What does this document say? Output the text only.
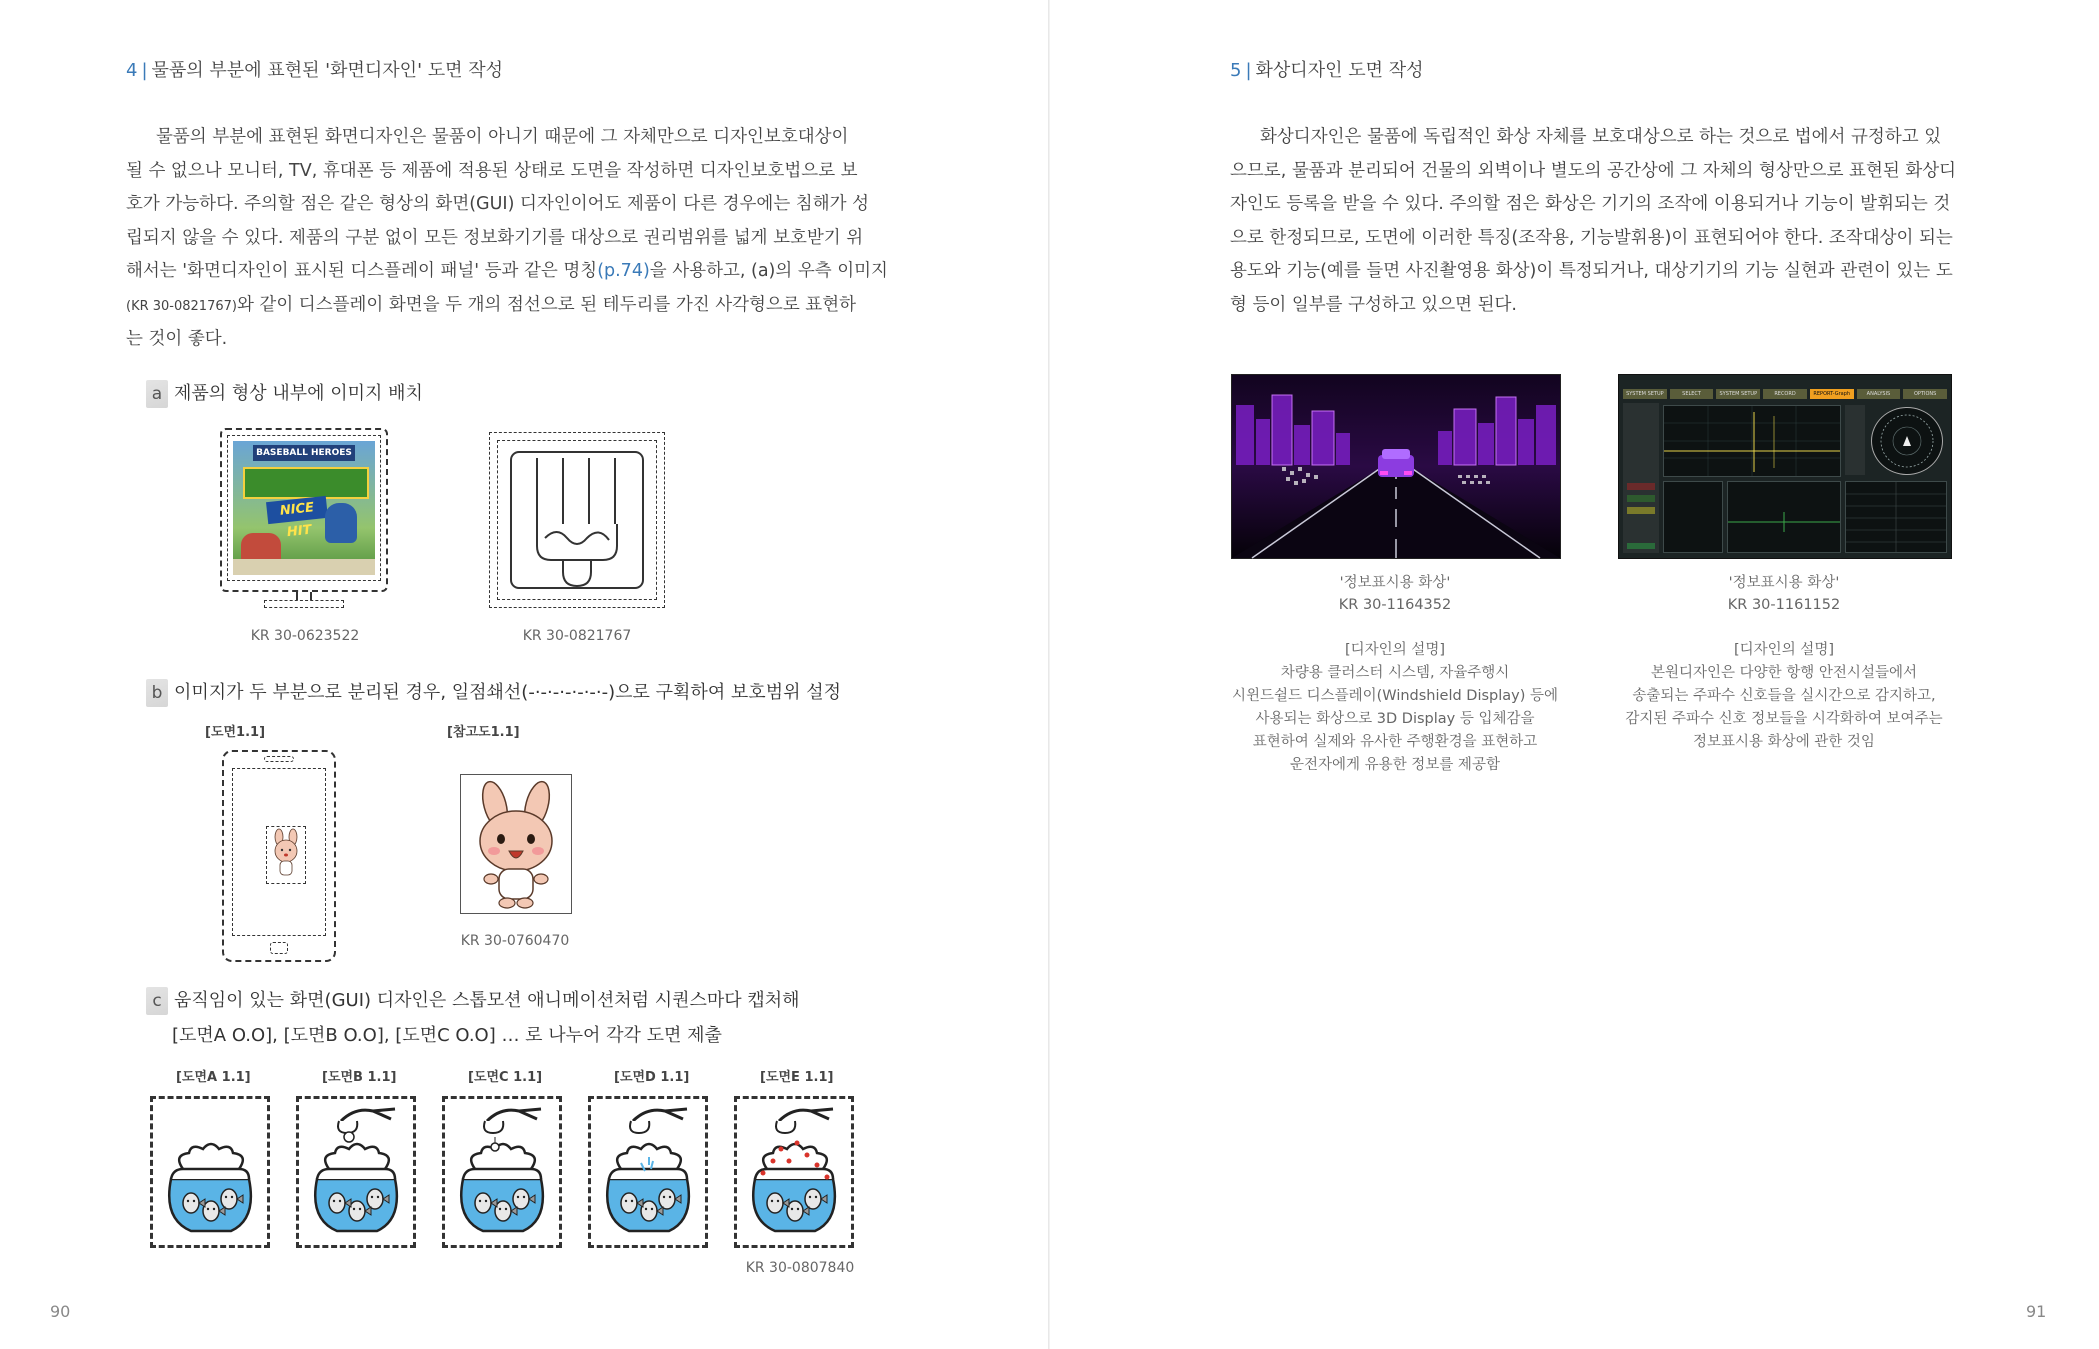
4 | 물품의 부분에 표현된 '화면디자인' 도면 작성
물품의 부분에 표현된 화면디자인은 물품이 아니기 때문에 그 자체만으로 디자인보호대상이
될 수 없으나 모니터, TV, 휴대폰 등 제품에 적용된 상태로 도면을 작성하면 디자인보호법으로 보
호가 가능하다. 주의할 점은 같은 형상의 화면(GUI) 디자인이어도 제품이 다른 경우에는 침해가 성
립되지 않을 수 있다. 제품의 구분 없이 모든 정보화기기를 대상으로 권리범위를 넓게 보호받기 위
해서는 '화면디자인이 표시된 디스플레이 패널' 등과 같은 명칭(p.74)을 사용하고, (a)의 우측 이미지
(KR 30-0821767)와 같이 디스플레이 화면을 두 개의 점선으로 된 테두리를 가진 사각형으로 표현하
는 것이 좋다.
a 제품의 형상 내부에 이미지 배치
BASEBALL HEROES
NICE HIT
KR 30-0623522	KR 30-0821767
b 이미지가 두 부분으로 분리된 경우, 일점쇄선(-·-·-·-·-·-·-)으로 구획하여 보호범위 설정
[도면1.1]	[참고도1.1]
KR 30-0760470
c 움직임이 있는 화면(GUI) 디자인은 스톱모션 애니메이션처럼 시퀀스마다 캡처해
[도면A O.O], [도면B O.O], [도면C O.O] … 로 나누어 각각 도면 제출
[도면A 1.1]	[도면B 1.1]	[도면C 1.1]	[도면D 1.1]	[도면E 1.1]
KR 30-0807840
90
5 | 화상디자인 도면 작성
화상디자인은 물품에 독립적인 화상 자체를 보호대상으로 하는 것으로 법에서 규정하고 있
으므로, 물품과 분리되어 건물의 외벽이나 별도의 공간상에 그 자체의 형상만으로 표현된 화상디
자인도 등록을 받을 수 있다. 주의할 점은 화상은 기기의 조작에 이용되거나 기능이 발휘되는 것
으로 한정되므로, 도면에 이러한 특징(조작용, 기능발휘용)이 표현되어야 한다. 조작대상이 되는
용도와 기능(예를 들면 사진촬영용 화상)이 특정되거나, 대상기기의 기능 실현과 관련이 있는 도
형 등이 일부를 구성하고 있으면 된다.
SYSTEM SETUP	SELECT	SYSTEM SETUP	RECORD	REPORT-Graph	ANALYSIS	OPTIONS
'정보표시용 화상'
KR 30-1164352
[디자인의 설명]
차량용 클러스터 시스템, 자율주행시
시윈드쉴드 디스플레이(Windshield Display) 등에
사용되는 화상으로 3D Display 등 입체감을
표현하여 실제와 유사한 주행환경을 표현하고
운전자에게 유용한 정보를 제공함
'정보표시용 화상'
KR 30-1161152
[디자인의 설명]
본원디자인은 다양한 항행 안전시설들에서
송출되는 주파수 신호들을 실시간으로 감지하고,
감지된 주파수 신호 정보들을 시각화하여 보여주는
정보표시용 화상에 관한 것임
91
